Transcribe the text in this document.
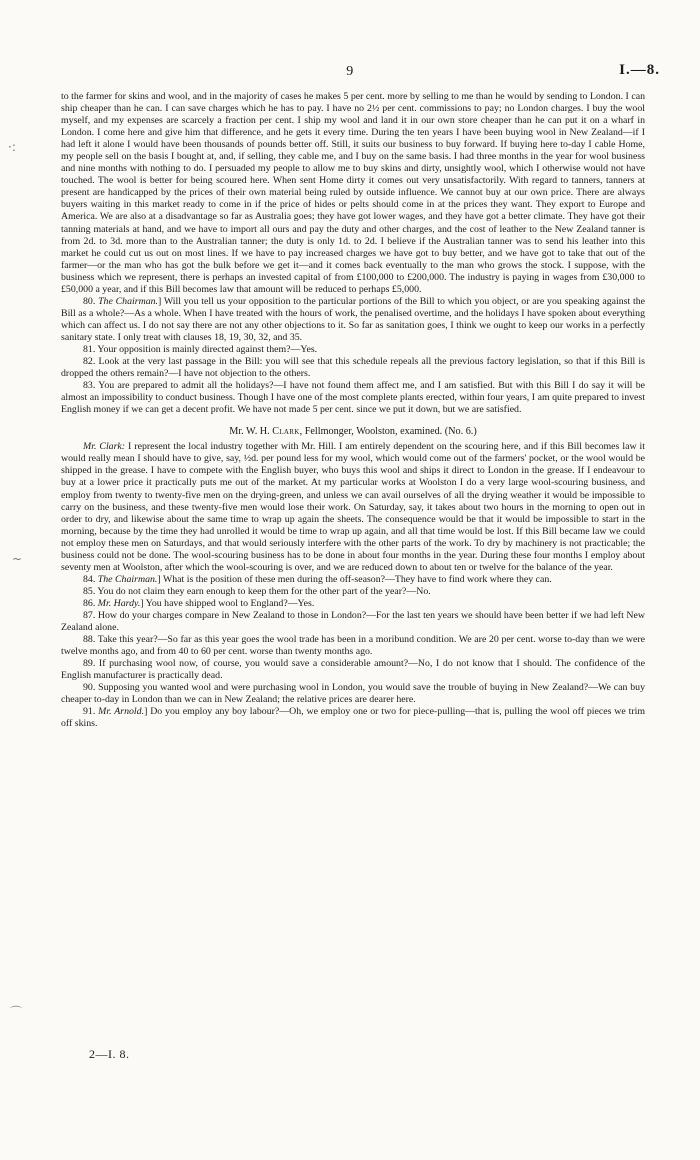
9	I.—8.
·:
~
⌒

to the farmer for skins and wool, and in the majority of cases he makes 5 per cent. more by selling to me than he would by sending to London. I can ship cheaper than he can. I can save charges which he has to pay. I have no 2½ per cent. commissions to pay; no London charges. I buy the wool myself, and my expenses are scarcely a fraction per cent. I ship my wool and land it in our own store cheaper than he can put it on a wharf in London. I come here and give him that difference, and he gets it every time. During the ten years I have been buying wool in New Zealand—if I had left it alone I would have been thousands of pounds better off. Still, it suits our business to buy forward. If buying here to-day I cable Home, my people sell on the basis I bought at, and, if selling, they cable me, and I buy on the same basis. I had three months in the year for wool business and nine months with nothing to do. I persuaded my people to allow me to buy skins and dirty, unsightly wool, which I otherwise would not have touched. The wool is better for being scoured here. When sent Home dirty it comes out very unsatisfactorily. With regard to tanners, tanners at present are handicapped by the prices of their own material being ruled by outside influence. We cannot buy at our own price. There are always buyers waiting in this market ready to come in if the price of hides or pelts should come in at the prices they want. They export to Europe and America. We are also at a disadvantage so far as Australia goes; they have got lower wages, and they have got a better climate. They have got their tanning materials at hand, and we have to import all ours and pay the duty and other charges, and the cost of leather to the New Zealand tanner is from 2d. to 3d. more than to the Australian tanner; the duty is only 1d. to 2d. I believe if the Australian tanner was to send his leather into this market he could cut us out on most lines. If we have to pay increased charges we have got to buy better, and we have got to take that out of the farmer—or the man who has got the bulk before we get it—and it comes back eventually to the man who grows the stock. I suppose, with the business which we represent, there is perhaps an invested capital of from £100,000 to £200,000. The industry is paying in wages from £30,000 to £50,000 a year, and if this Bill becomes law that amount will be reduced to perhaps £5,000.

80. The Chairman.] Will you tell us your opposition to the particular portions of the Bill to which you object, or are you speaking against the Bill as a whole?—As a whole. When I have treated with the hours of work, the penalised overtime, and the holidays I have spoken about everything which can affect us. I do not say there are not any other objections to it. So far as sanitation goes, I think we ought to keep our works in a perfectly sanitary state. I only treat with clauses 18, 19, 30, 32, and 35.

81. Your opposition is mainly directed against them?—Yes.

82. Look at the very last passage in the Bill: you will see that this schedule repeals all the previous factory legislation, so that if this Bill is dropped the others remain?—I have not objection to the others.

83. You are prepared to admit all the holidays?—I have not found them affect me, and I am satisfied. But with this Bill I do say it will be almost an impossibility to conduct business. Though I have one of the most complete plants erected, within four years, I am quite prepared to invest English money if we can get a decent profit. We have not made 5 per cent. since we put it down, but we are satisfied.

Mr. W. H. Clark, Fellmonger, Woolston, examined. (No. 6.)

Mr. Clark: I represent the local industry together with Mr. Hill. I am entirely dependent on the scouring here, and if this Bill becomes law it would really mean I should have to give, say, ½d. per pound less for my wool, which would come out of the farmers' pocket, or the wool would be shipped in the grease. I have to compete with the English buyer, who buys this wool and ships it direct to London in the grease. If I endeavour to buy at a lower price it practically puts me out of the market. At my particular works at Woolston I do a very large wool-scouring business, and employ from twenty to twenty-five men on the drying-green, and unless we can avail ourselves of all the drying weather it would be impossible to carry on the business, and these twenty-five men would lose their work. On Saturday, say, it takes about two hours in the morning to open out in order to dry, and likewise about the same time to wrap up again the sheets. The consequence would be that it would be impossible to start in the morning, because by the time they had unrolled it would be time to wrap up again, and all that time would be lost. If this Bill became law we could not employ these men on Saturdays, and that would seriously interfere with the other parts of the work. To dry by machinery is not practicable; the business could not be done. The wool-scouring business has to be done in about four months in the year. During these four months I employ about seventy men at Woolston, after which the wool-scouring is over, and we are reduced down to about ten or twelve for the balance of the year.

84. The Chairman.] What is the position of these men during the off-season?—They have to find work where they can.

85. You do not claim they earn enough to keep them for the other part of the year?—No.

86. Mr. Hardy.] You have shipped wool to England?—Yes.

87. How do your charges compare in New Zealand to those in London?—For the last ten years we should have been better if we had left New Zealand alone.

88. Take this year?—So far as this year goes the wool trade has been in a moribund condition. We are 20 per cent. worse to-day than we were twelve months ago, and from 40 to 60 per cent. worse than twenty months ago.

89. If purchasing wool now, of course, you would save a considerable amount?—No, I do not know that I should. The confidence of the English manufacturer is practically dead.

90. Supposing you wanted wool and were purchasing wool in London, you would save the trouble of buying in New Zealand?—We can buy cheaper to-day in London than we can in New Zealand; the relative prices are dearer here.

91. Mr. Arnold.] Do you employ any boy labour?—Oh, we employ one or two for piece-pulling—that is, pulling the wool off pieces we trim off skins.

2—I. 8.
